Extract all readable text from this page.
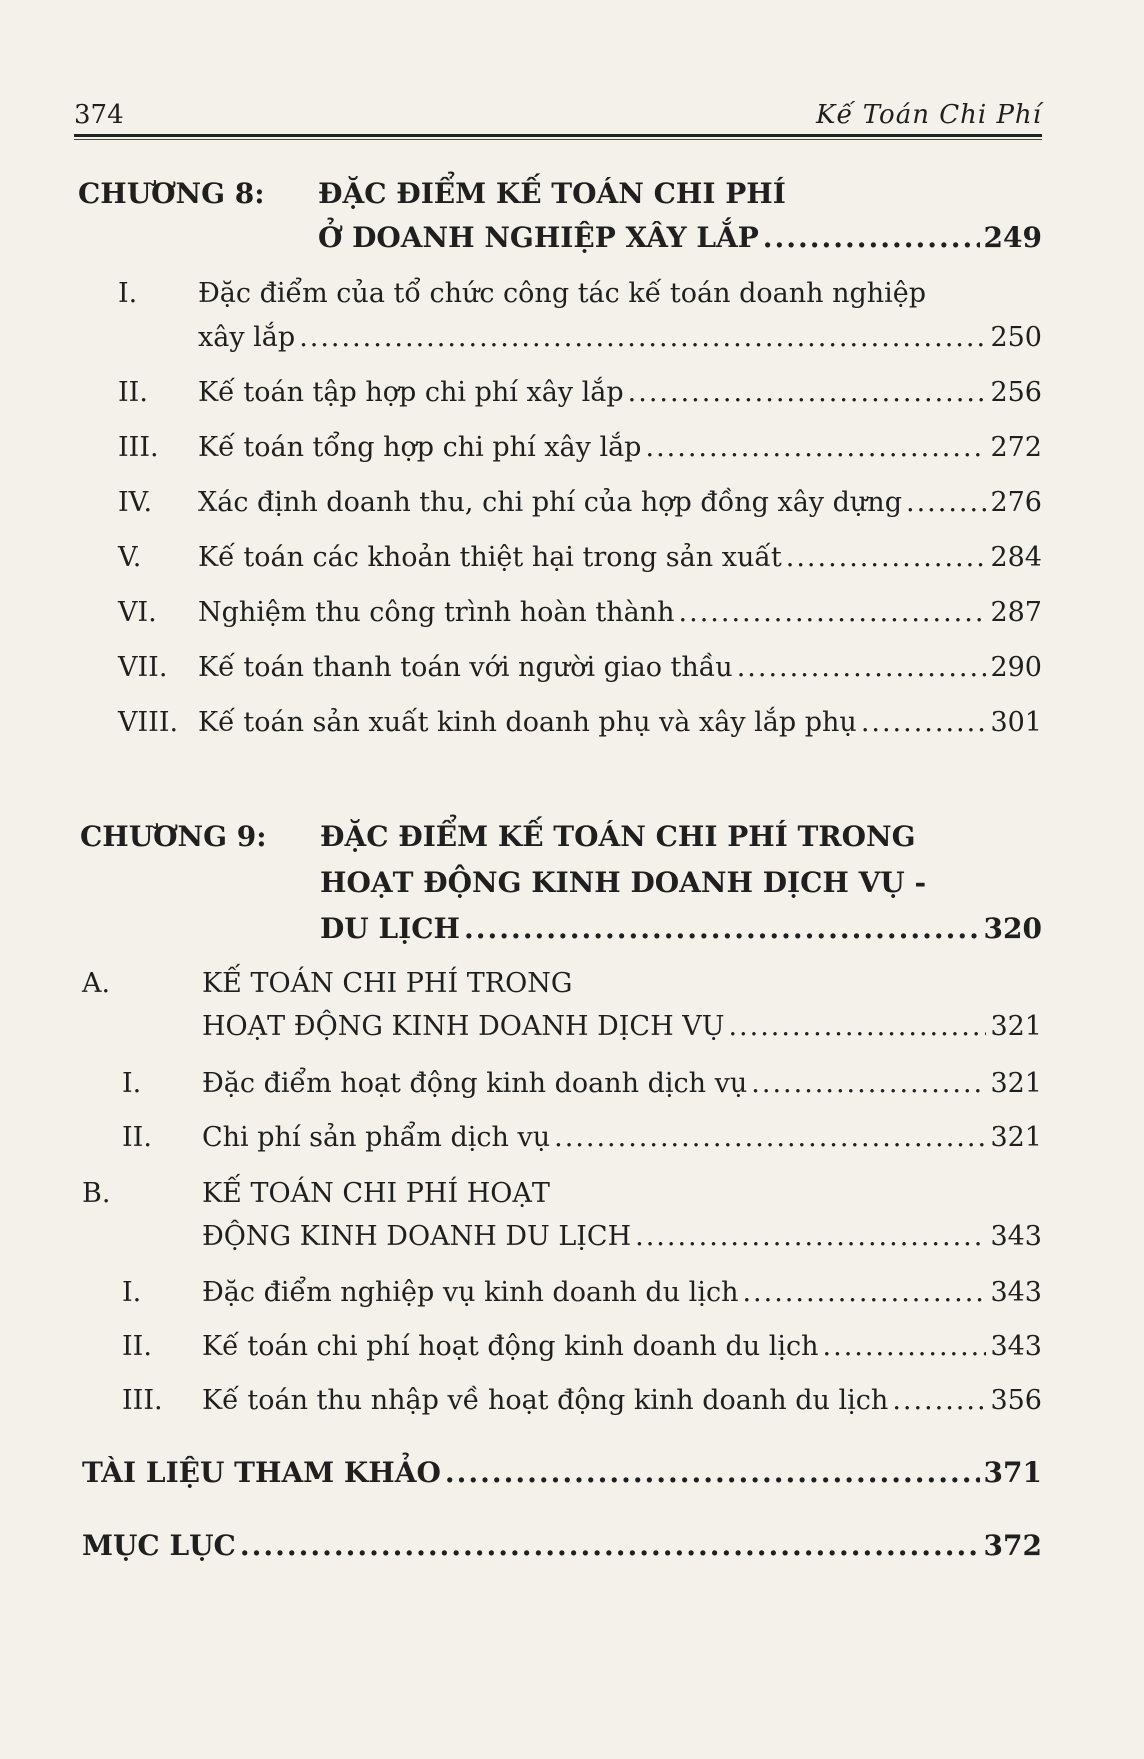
374	Kế Toán Chi Phí
CHƯƠNG 8: ĐẶC ĐIỂM KẾ TOÁN CHI PHÍ
Ở DOANH NGHIỆP XÂY LẮP .....	249
I. Đặc điểm của tổ chức công tác kế toán doanh nghiệp
xây lắp .....	250
II. Kế toán tập hợp chi phí xây lắp .....	256
III. Kế toán tổng hợp chi phí xây lắp .....	272
IV. Xác định doanh thu, chi phí của hợp đồng xây dựng .....	276
V. Kế toán các khoản thiệt hại trong sản xuất .....	284
VI. Nghiệm thu công trình hoàn thành .....	287
VII. Kế toán thanh toán với người giao thầu .....	290
VIII. Kế toán sản xuất kinh doanh phụ và xây lắp phụ .....	301
CHƯƠNG 9: ĐẶC ĐIỂM KẾ TOÁN CHI PHÍ TRONG
HOẠT ĐỘNG KINH DOANH DỊCH VỤ -
DU LỊCH .....	320
A.	KẾ TOÁN CHI PHÍ TRONG
HOẠT ĐỘNG KINH DOANH DỊCH VỤ .....	321
I. Đặc điểm hoạt động kinh doanh dịch vụ .....	321
II. Chi phí sản phẩm dịch vụ .....	321
B.	KẾ TOÁN CHI PHÍ HOẠT
ĐỘNG KINH DOANH DU LỊCH .....	343
I. Đặc điểm nghiệp vụ kinh doanh du lịch .....	343
II. Kế toán chi phí hoạt động kinh doanh du lịch .....	343
III. Kế toán thu nhập về hoạt động kinh doanh du lịch .....	356
TÀI LIỆU THAM KHẢO .....	371
MỤC LỤC .....	372
